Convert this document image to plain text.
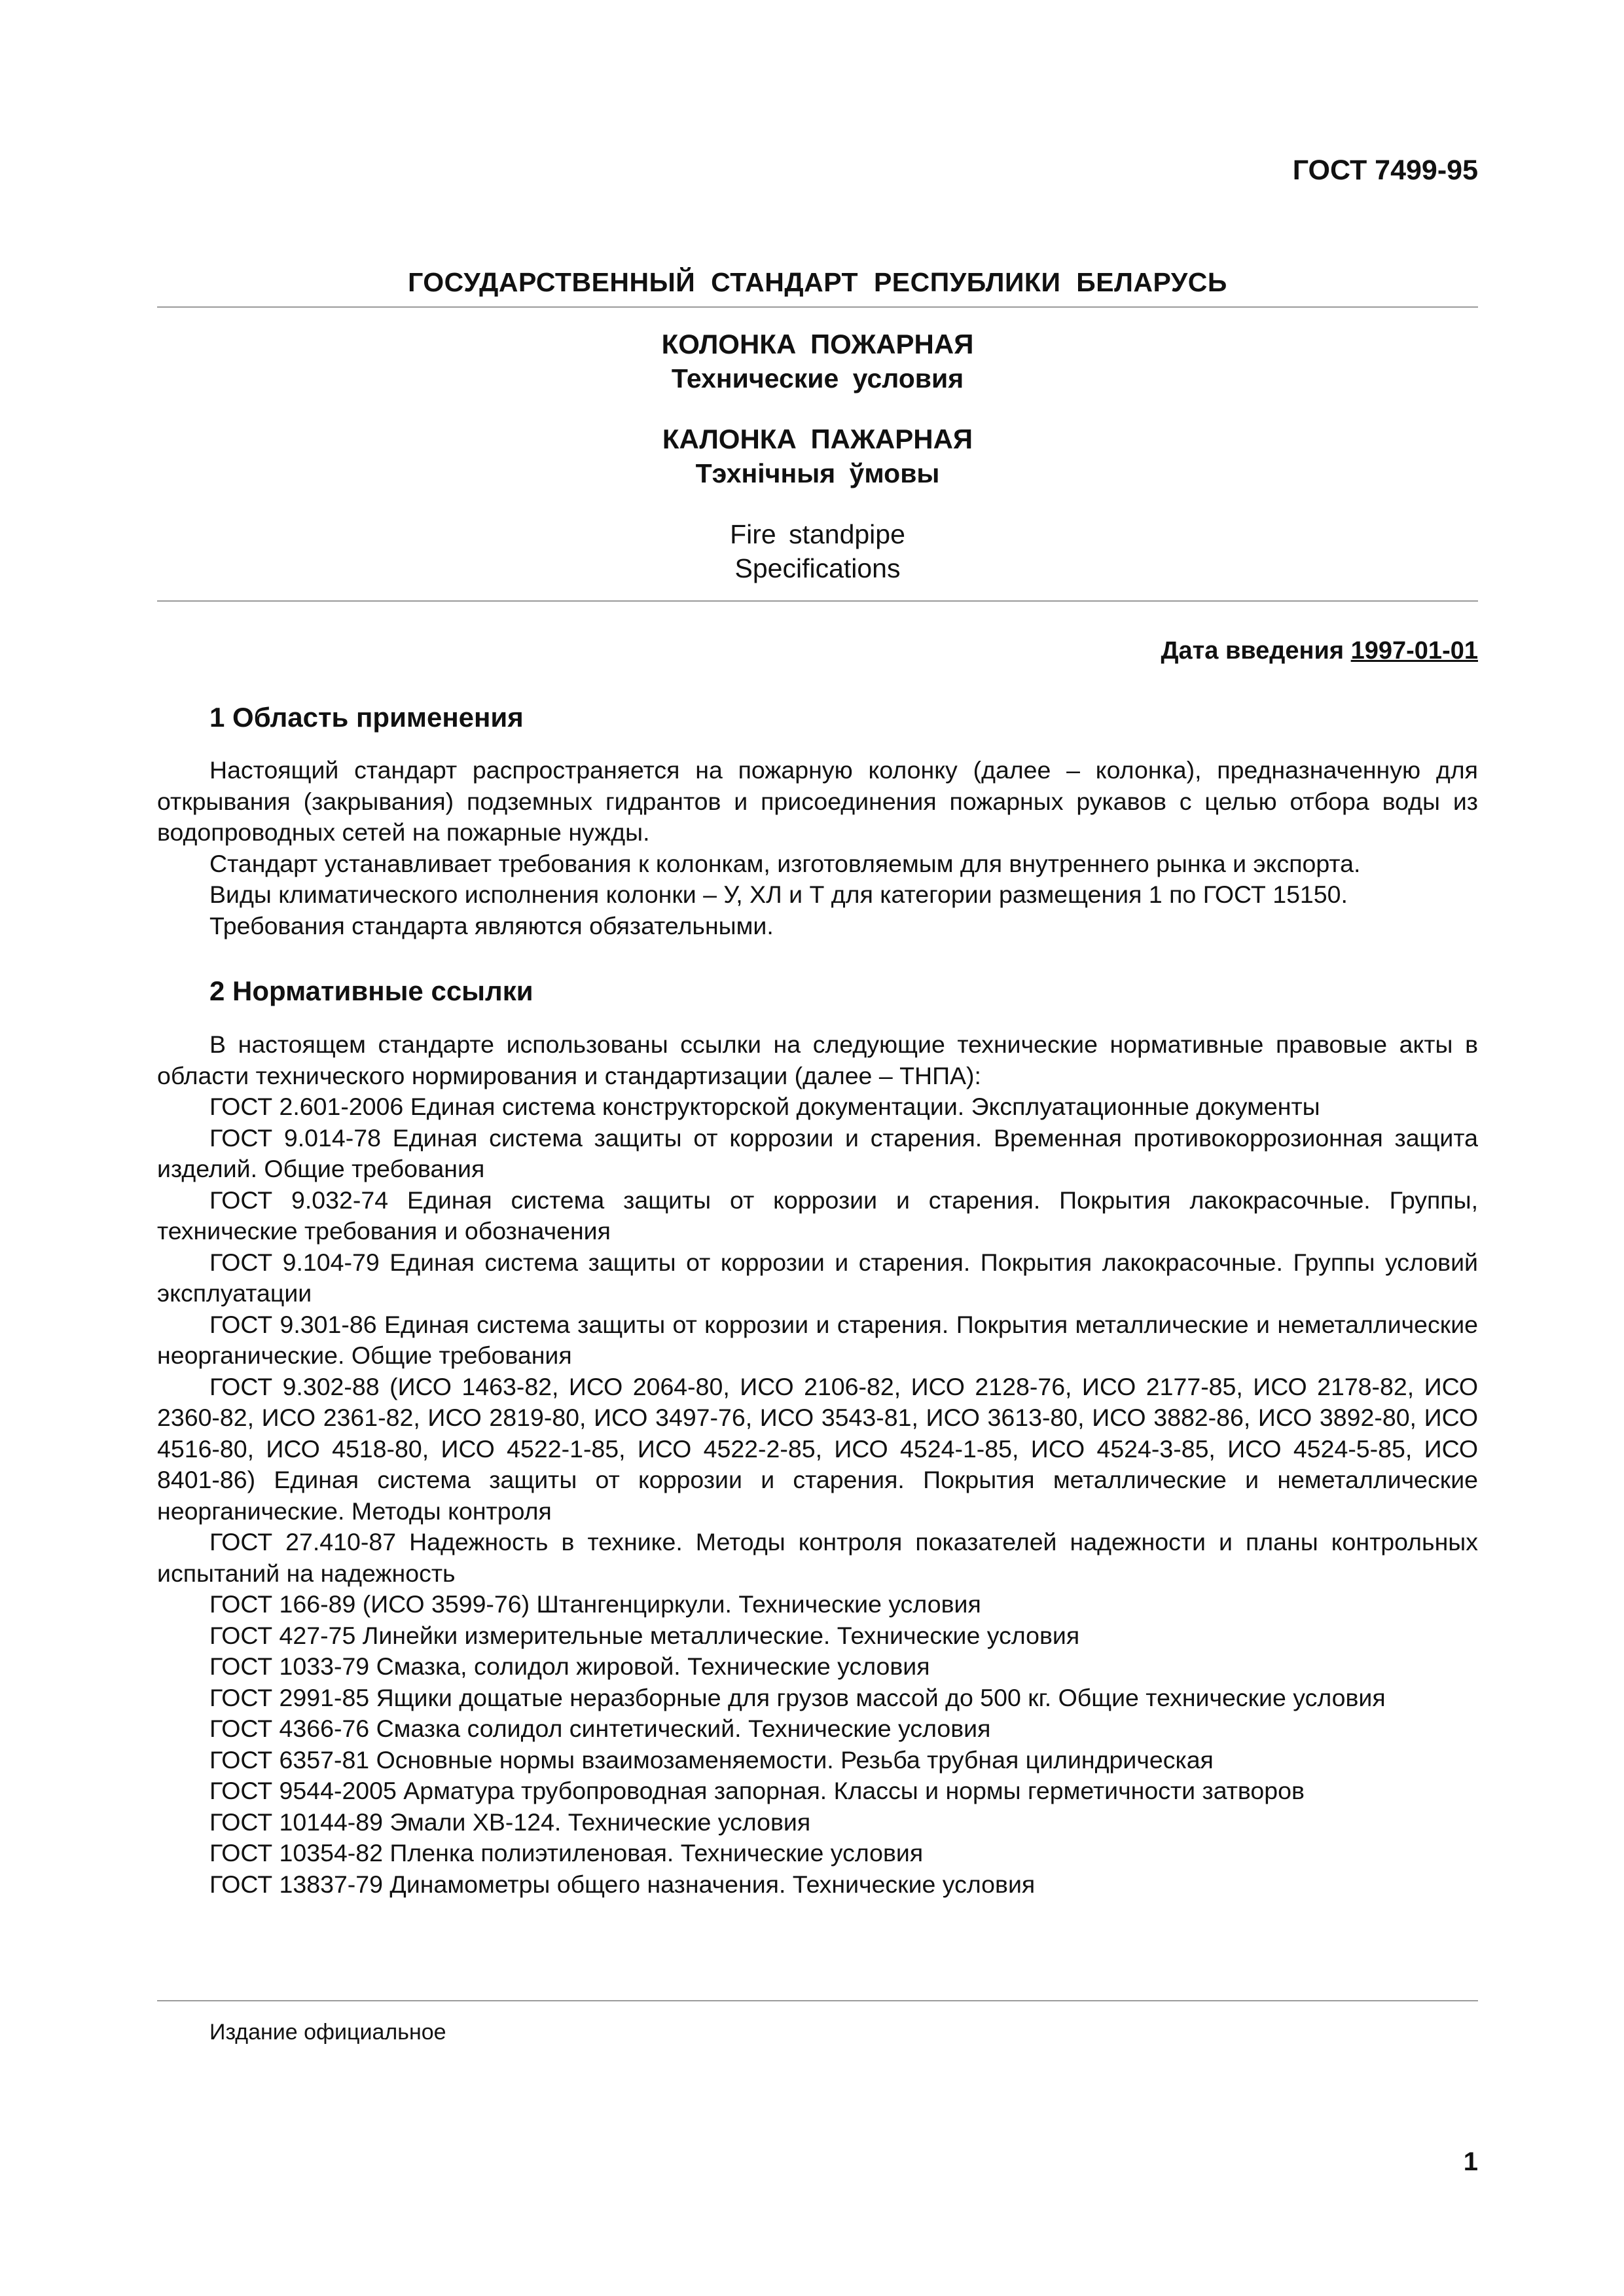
ГОСТ 7499-95

ГОСУДАРСТВЕННЫЙ СТАНДАРТ РЕСПУБЛИКИ БЕЛАРУСЬ

КОЛОНКА ПОЖАРНАЯ
Технические условия
КАЛОНКА ПАЖАРНАЯ
Тэхнічныя ўмовы
Fire standpipe
Specifications

Дата введения 1997-01-01

1 Область применения

Настоящий стандарт распространяется на пожарную колонку (далее – колонка), предназначенную для открывания (закрывания) подземных гидрантов и присоединения пожарных рукавов с целью отбора воды из водопроводных сетей на пожарные нужды.

Стандарт устанавливает требования к колонкам, изготовляемым для внутреннего рынка и экспорта.

Виды климатического исполнения колонки – У, ХЛ и Т для категории размещения 1 по ГОСТ 15150.

Требования стандарта являются обязательными.

2 Нормативные ссылки

В настоящем стандарте использованы ссылки на следующие технические нормативные правовые акты в области технического нормирования и стандартизации (далее – ТНПА):

ГОСТ 2.601-2006 Единая система конструкторской документации. Эксплуатационные документы

ГОСТ 9.014-78 Единая система защиты от коррозии и старения. Временная противокоррозионная защита изделий. Общие требования

ГОСТ 9.032-74 Единая система защиты от коррозии и старения. Покрытия лакокрасочные. Группы, технические требования и обозначения

ГОСТ 9.104-79 Единая система защиты от коррозии и старения. Покрытия лакокрасочные. Группы условий эксплуатации

ГОСТ 9.301-86 Единая система защиты от коррозии и старения. Покрытия металлические и неметаллические неорганические. Общие требования

ГОСТ 9.302-88 (ИСО 1463-82, ИСО 2064-80, ИСО 2106-82, ИСО 2128-76, ИСО 2177-85, ИСО 2178-82, ИСО 2360-82, ИСО 2361-82, ИСО 2819-80, ИСО 3497-76, ИСО 3543-81, ИСО 3613-80, ИСО 3882-86, ИСО 3892-80, ИСО 4516-80, ИСО 4518-80, ИСО 4522-1-85, ИСО 4522-2-85, ИСО 4524-1-85, ИСО 4524-3-85, ИСО 4524-5-85, ИСО 8401-86) Единая система защиты от коррозии и старения. Покрытия металлические и неметаллические неорганические. Методы контроля

ГОСТ 27.410-87 Надежность в технике. Методы контроля показателей надежности и планы контрольных испытаний на надежность

ГОСТ 166-89 (ИСО 3599-76) Штангенциркули. Технические условия

ГОСТ 427-75 Линейки измерительные металлические. Технические условия

ГОСТ 1033-79 Смазка, солидол жировой. Технические условия

ГОСТ 2991-85 Ящики дощатые неразборные для грузов массой до 500 кг. Общие технические условия

ГОСТ 4366-76 Смазка солидол синтетический. Технические условия

ГОСТ 6357-81 Основные нормы взаимозаменяемости. Резьба трубная цилиндрическая

ГОСТ 9544-2005 Арматура трубопроводная запорная. Классы и нормы герметичности затворов

ГОСТ 10144-89 Эмали ХВ-124. Технические условия

ГОСТ 10354-82 Пленка полиэтиленовая. Технические условия

ГОСТ 13837-79 Динамометры общего назначения. Технические условия

Издание официальное

1
